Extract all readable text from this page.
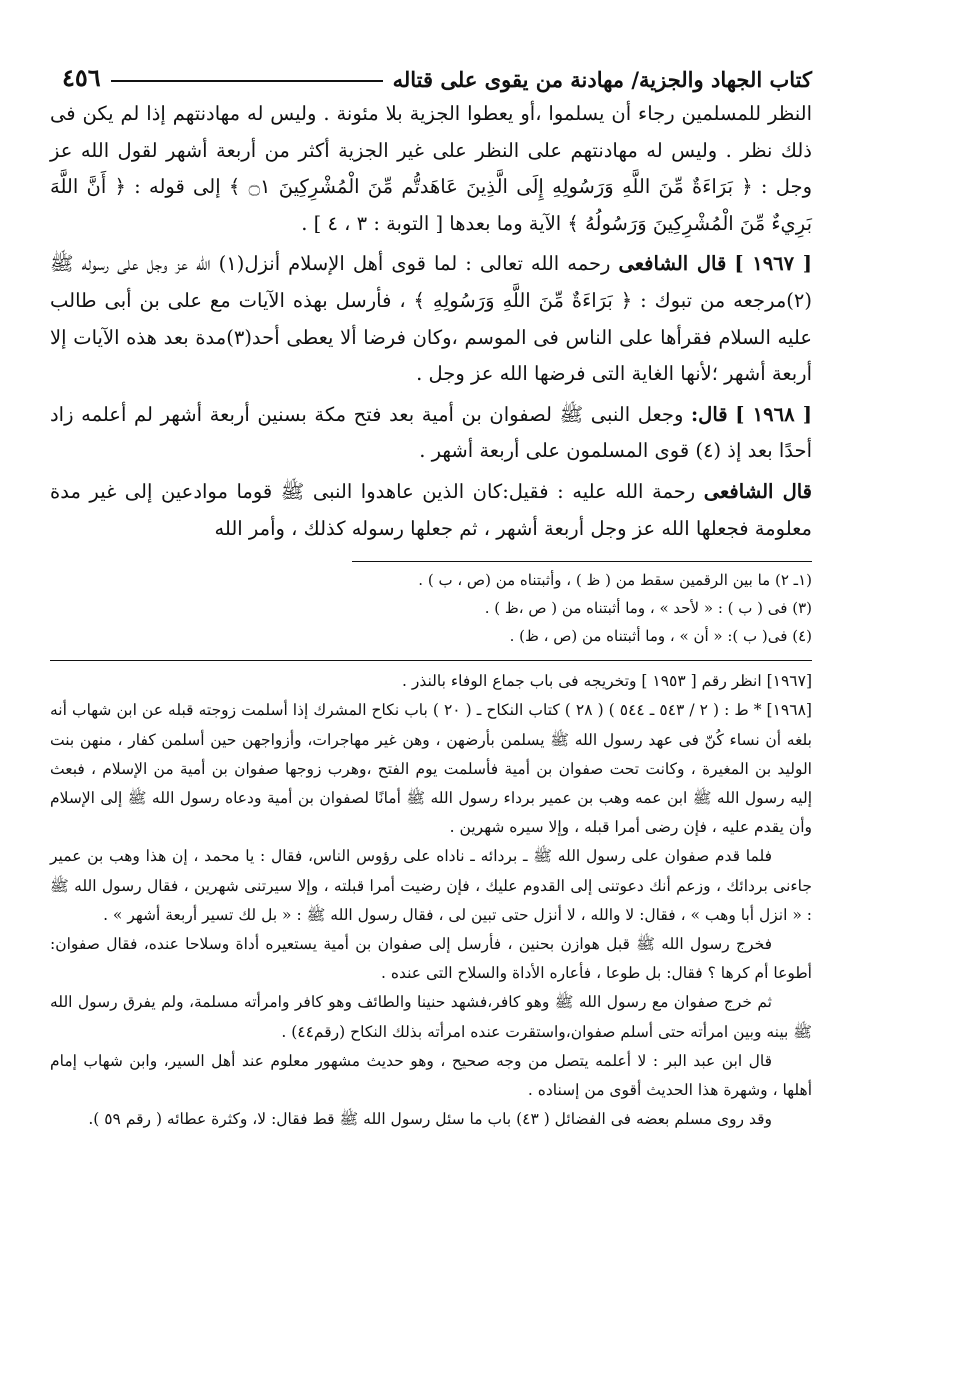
كتاب الجهاد والجزية/ مهادنة من يقوى على قتاله
٤٥٦

النظر للمسلمين رجاء أن يسلموا ،أو يعطوا الجزية بلا مئونة . وليس له مهادنتهم إذا لم يكن فى ذلك نظر . وليس له مهادنتهم على النظر على غير الجزية أكثر من أربعة أشهر لقول الله عز وجل : ﴿ بَرَاءَةٌ مِّنَ اللَّهِ وَرَسُولِهِ إِلَى الَّذِينَ عَاهَدتُّم مِّنَ الْمُشْرِكِينَ ۝١ ﴾ إلى قوله : ﴿ أَنَّ اللَّهَ بَرِيءٌ مِّنَ الْمُشْرِكِينَ وَرَسُولُهُ ﴾ الآية وما بعدها [ التوبة : ٣ ، ٤ ] .

[ ١٩٦٧ ] قال الشافعى رحمه الله تعالى : لما قوى أهل الإسلام أنزل(١) الله عز وجل على رسوله ﷺ (٢)مرجعه من تبوك : ﴿ بَرَاءَةٌ مِّنَ اللَّهِ وَرَسُولِهِ ﴾ ، فأرسل بهذه الآيات مع على بن أبى طالب عليه السلام فقرأها على الناس فى الموسم ،وكان فرضا ألا يعطى أحد(٣)مدة بعد هذه الآيات إلا أربعة أشهر ؛لأنها الغاية التى فرضها الله عز وجل .

[ ١٩٦٨ ] قال: وجعل النبى ﷺ لصفوان بن أمية بعد فتح مكة بسنين أربعة أشهر لم أعلمه زاد أحدًا بعد إذ (٤) قوى المسلمون على أربعة أشهر .

قال الشافعى رحمة الله عليه : فقيل:كان الذين عاهدوا النبى ﷺ قوما موادعين إلى غير مدة معلومة فجعلها الله عز وجل أربعة أشهر ، ثم جعلها رسوله كذلك ، وأمر الله

(١ـ ٢) ما بين الرقمين سقط من ( ظ ) ، وأثبتناه من (ص ، ب ) .
(٣) فى ( ب ) : « لأحد » ، وما أثبتناه من ( ص ،ظ ) .
(٤) فى( ب ): « أن » ، وما أثبتناه من (ص ، ظ) .

[١٩٦٧] انظر رقم [ ١٩٥٣ ] وتخريجه فى باب جماع الوفاء بالنذر .

[١٩٦٨] * ط : ( ٢ / ٥٤٣ ـ ٥٤٤ ) ( ٢٨ ) كتاب النكاح ـ ( ٢٠ ) باب نكاح المشرك إذا أسلمت زوجته قبله عن ابن شهاب أنه بلغه أن نساء كُنّ فى عهد رسول الله ﷺ يسلمن بأرضهن ، وهن غير مهاجرات، وأزواجهن حين أسلمن كفار ، منهن بنت الوليد بن المغيرة ، وكانت تحت صفوان بن أمية فأسلمت يوم الفتح ،وهرب زوجها صفوان بن أمية من الإسلام ، فبعث إليه رسول الله ﷺ ابن عمه وهب بن عمير برداء رسول الله ﷺ أمانًا لصفوان بن أمية ودعاه رسول الله ﷺ إلى الإسلام وأن يقدم عليه ، فإن رضى أمرا قبله ، وإلا سيره شهرين .

فلما قدم صفوان على رسول الله ﷺ ـ بردائه ـ ناداه على رؤوس الناس، فقال : يا محمد ، إن هذا وهب بن عمير جاءنى بردائك ، وزعم أنك دعوتنى إلى القدوم عليك ، فإن رضيت أمرا قبلته ، وإلا سيرتنى شهرين ، فقال رسول الله ﷺ : « انزل أبا وهب » ، فقال: لا والله ، لا أنزل حتى تبين لى ، فقال رسول الله ﷺ : « بل لك تسير أربعة أشهر » .

فخرج رسول الله ﷺ قبل هوازن بحنين ، فأرسل إلى صفوان بن أمية يستعيره أداة وسلاحا عنده، فقال صفوان: أطوعا أم كرها ؟ فقال: بل طوعا ، فأعاره الأداة والسلاح التى عنده .

ثم خرج صفوان مع رسول الله ﷺ وهو كافر،فشهد حنينا والطائف وهو كافر وامرأته مسلمة، ولم يفرق رسول الله ﷺ بينه وبين امرأته حتى أسلم صفوان،واستقرت عنده امرأته بذلك النكاح (رقم٤٤) .

قال ابن عبد البر : لا أعلمه يتصل من وجه صحيح ، وهو حديث مشهور معلوم عند أهل السير، وابن شهاب إمام أهلها ، وشهرة هذا الحديث أقوى من إسناده .

وقد روى مسلم بعضه فى الفضائل ( ٤٣) باب ما سئل رسول الله ﷺ قط فقال: لا، وكثرة عطائه ( رقم ٥٩ ).
